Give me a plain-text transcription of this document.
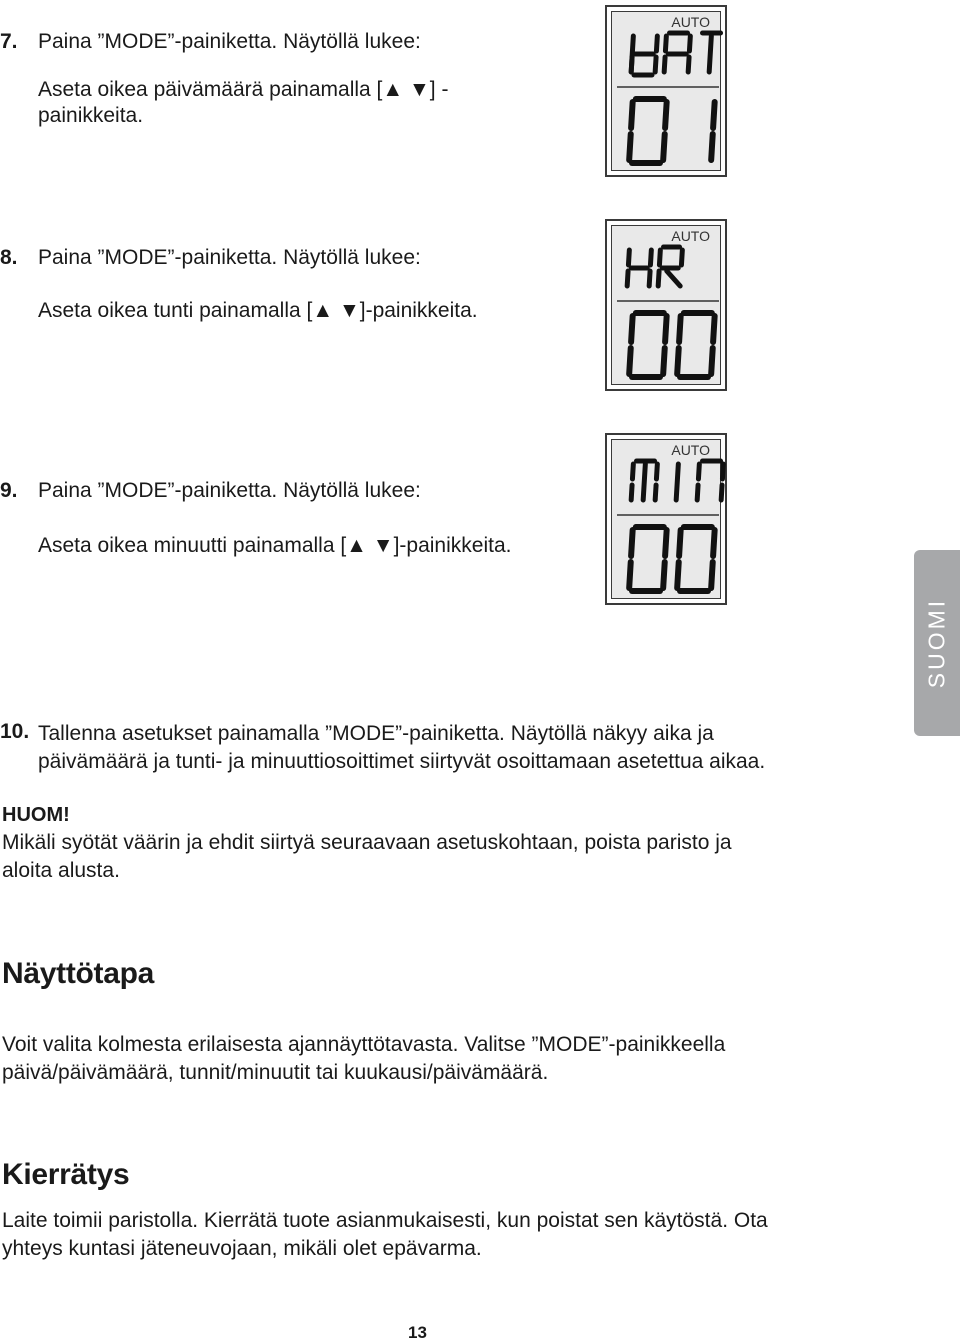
7. Paina ”MODE”-painiketta. Näytöllä lukee:
Aseta oikea päivämäärä painamalla [▲ ▼] -
painikkeita.
8. Paina ”MODE”-painiketta. Näytöllä lukee:
Aseta oikea tunti painamalla [▲ ▼]-painikkeita.
9. Paina ”MODE”-painiketta. Näytöllä lukee:
Aseta oikea minuutti painamalla [▲ ▼]-painikkeita.
10. Tallenna asetukset painamalla ”MODE”-painiketta. Näytöllä näkyy aika ja
päivämäärä ja tunti- ja minuuttiosoittimet siirtyvät osoittamaan asetettua aikaa.
AUTO
AUTO
AUTO
SUOMI
HUOM!

Mikäli syötät väärin ja ehdit siirtyä seuraavaan asetuskohtaan, poista paristo ja

aloita alusta.

Näyttötapa

Voit valita kolmesta erilaisesta ajannäyttötavasta. Valitse ”MODE”-painikkeella

päivä/päivämäärä, tunnit/minuutit tai kuukausi/päivämäärä.

Kierrätys

Laite toimii paristolla. Kierrätä tuote asianmukaisesti, kun poistat sen käytöstä. Ota

yhteys kuntasi jäteneuvojaan, mikäli olet epävarma.

13
